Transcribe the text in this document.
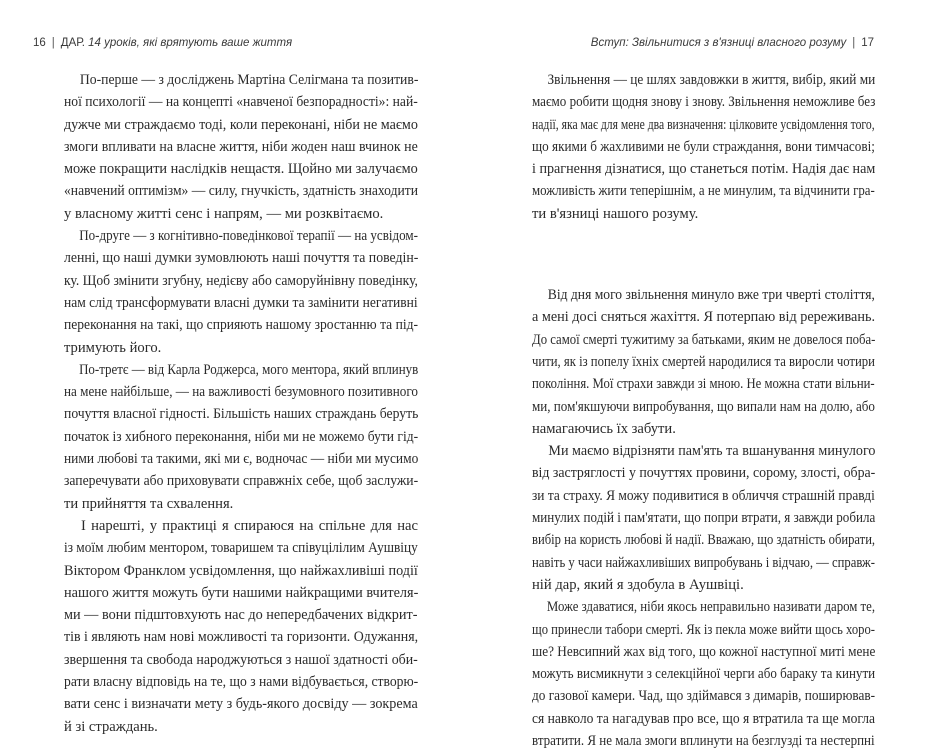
16 | ДАР. 14 уроків, які врятують ваше життя

По-перше — з досліджень Мартіна Селігмана та позитив-
ної психології — на концепті «навченої безпорадності»: най-
дужче ми страждаємо тоді, коли переконані, ніби не маємо
змоги впливати на власне життя, ніби жоден наш вчинок не
може покращити наслідків нещастя. Щойно ми залучаємо
«навчений оптимізм» — силу, гнучкість, здатність знаходити
у власному житті сенс і напрям, — ми розквітаємо.

По-друге — з когнітивно-поведінкової терапії — на усвідом-
ленні, що наші думки зумовлюють наші почуття та поведін-
ку. Щоб змінити згубну, недієву або саморуйнівну поведінку,
нам слід трансформувати власні думки та замінити негативні
переконання на такі, що сприяють нашому зростанню та під-
тримують його.

По-третє — від Карла Роджерса, мого ментора, який вплинув
на мене найбільше, — на важливості безумовного позитивного
почуття власної гідності. Більшість наших страждань беруть
початок із хибного переконання, ніби ми не можемо бути гід-
ними любові та такими, які ми є, водночас — ніби ми мусимо
заперечувати або приховувати справжніх себе, щоб заслужи-
ти прийняття та схвалення.

І нарешті, у практиці я спираюся на спільне для нас
із моїм любим ментором, товаришем та співуцілілим Аушвіцу
Віктором Франклом усвідомлення, що найжахливіші події
нашого життя можуть бути нашими найкращими вчителя-
ми — вони підштовхують нас до непередбачених відкрит-
тів і являють нам нові можливості та горизонти. Одужання,
звершення та свобода народжуються з нашої здатності оби-
рати власну відповідь на те, що з нами відбувається, створю-
вати сенс і визначати мету з будь-якого досвіду — зокрема
й зі страждань.

Вступ: Звільнитися з в'язниці власного розуму | 17

Звільнення — це шлях завдовжки в життя, вибір, який ми
маємо робити щодня знову і знову. Звільнення неможливе без
надії, яка має для мене два визначення: цілковите усвідомлення того,
що якими б жахливими не були страждання, вони тимчасові;
і прагнення дізнатися, що станеться потім. Надія дає нам
можливість жити теперішнім, а не минулим, та відчинити гра-
ти в'язниці нашого розуму.

Від дня мого звільнення минуло вже три чверті століття,
а мені досі сняться жахіття. Я потерпаю від ререживань.
До самої смерті тужитиму за батьками, яким не довелося поба-
чити, як із попелу їхніх смертей народилися та виросли чотири
покоління. Мої страхи завжди зі мною. Не можна стати вільни-
ми, пом'якшуючи випробування, що випали нам на долю, або
намагаючись їх забути.

Ми маємо відрізняти пам'ять та вшанування минулого
від застряглості у почуттях провини, сорому, злості, обра-
зи та страху. Я можу подивитися в обличчя страшній правді
минулих подій і пам'ятати, що попри втрати, я завжди робила
вибір на користь любові й надії. Вважаю, що здатність обирати,
навіть у часи найжахливіших випробувань і відчаю, — справж-
ній дар, який я здобула в Аушвіці.

Може здаватися, ніби якось неправильно називати даром те,
що принесли табори смерті. Як із пекла може вийти щось хоро-
ше? Невсипний жах від того, що кожної наступної миті мене
можуть висмикнути з селекційної черги або бараку та кинути
до газової камери. Чад, що здіймався з димарів, поширював-
ся навколо та нагадував про все, що я втратила та ще могла
втратити. Я не мала змоги вплинути на безглузді та нестерпні
